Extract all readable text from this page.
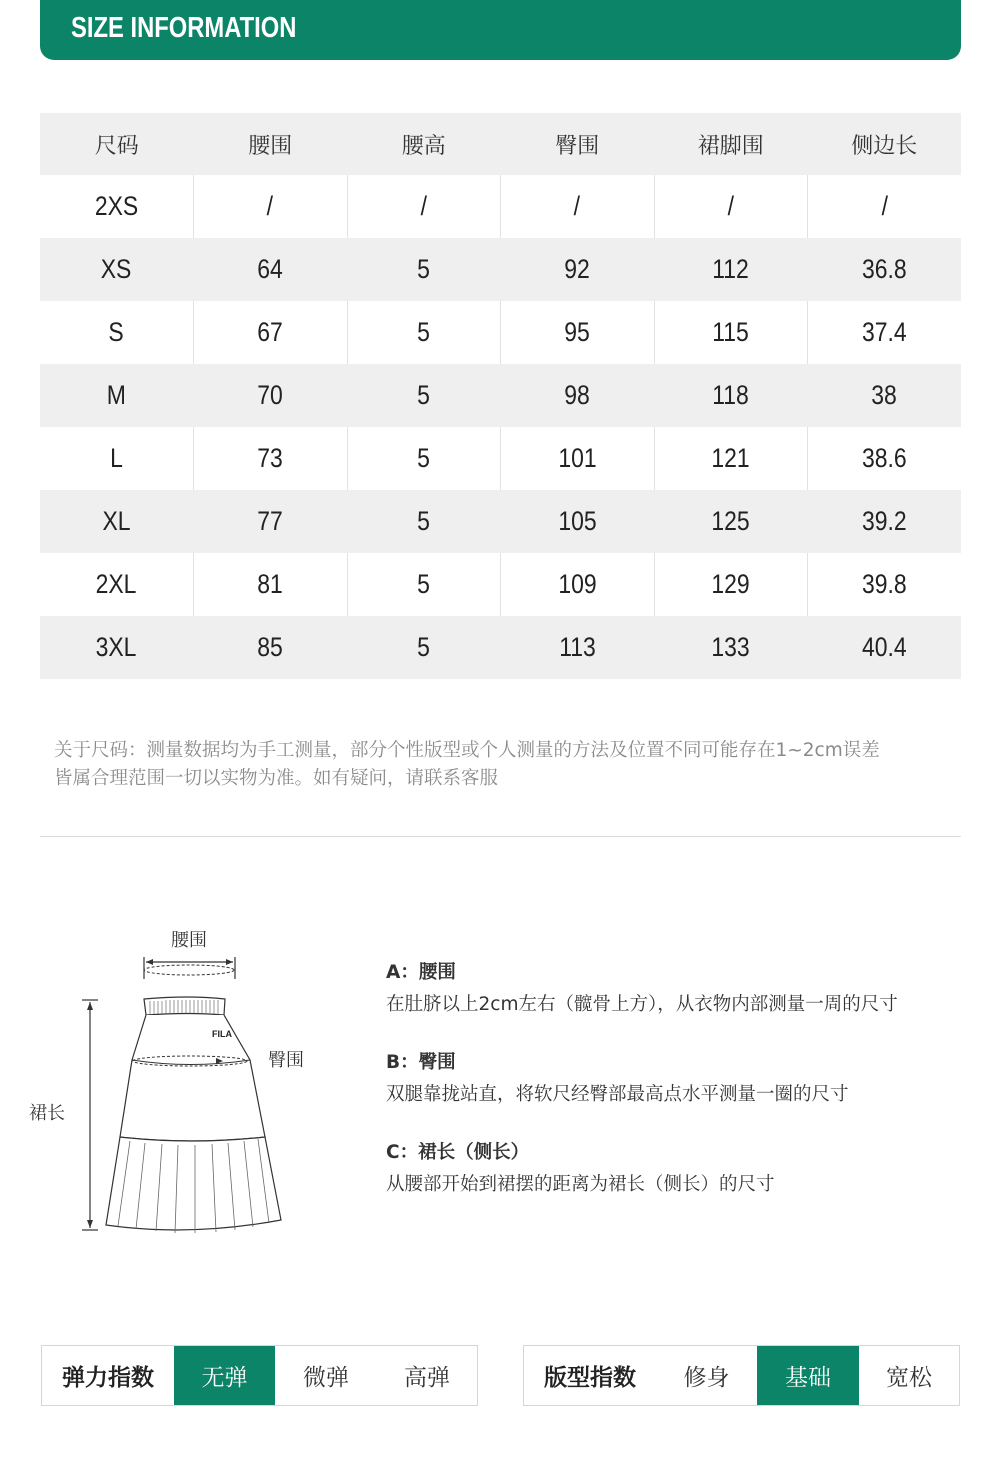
SIZE INFORMATION
尺码	腰围	腰高	臀围	裙脚围	侧边长
2XS	/	/	/	/	/
XS	64	5	92	112	36.8
S	67	5	95	115	37.4
M	70	5	98	118	38
L	73	5	101	121	38.6
XL	77	5	105	125	39.2
2XL	81	5	109	129	39.8
3XL	85	5	113	133	40.4
关于尺码：测量数据均为手工测量，部分个性版型或个人测量的方法及位置不同可能存在1~2cm误差
皆属合理范围一切以实物为准。如有疑问，请联系客服
腰围
臀围
裙长
FILA
A：腰围
在肚脐以上2cm左右（髋骨上方），从衣物内部测量一周的尺寸
B：臀围
双腿靠拢站直，将软尺经臀部最高点水平测量一圈的尺寸
C：裙长（侧长）
从腰部开始到裙摆的距离为裙长（侧长）的尺寸
弹力指数	无弹	微弹	高弹	版型指数	修身	基础	宽松
